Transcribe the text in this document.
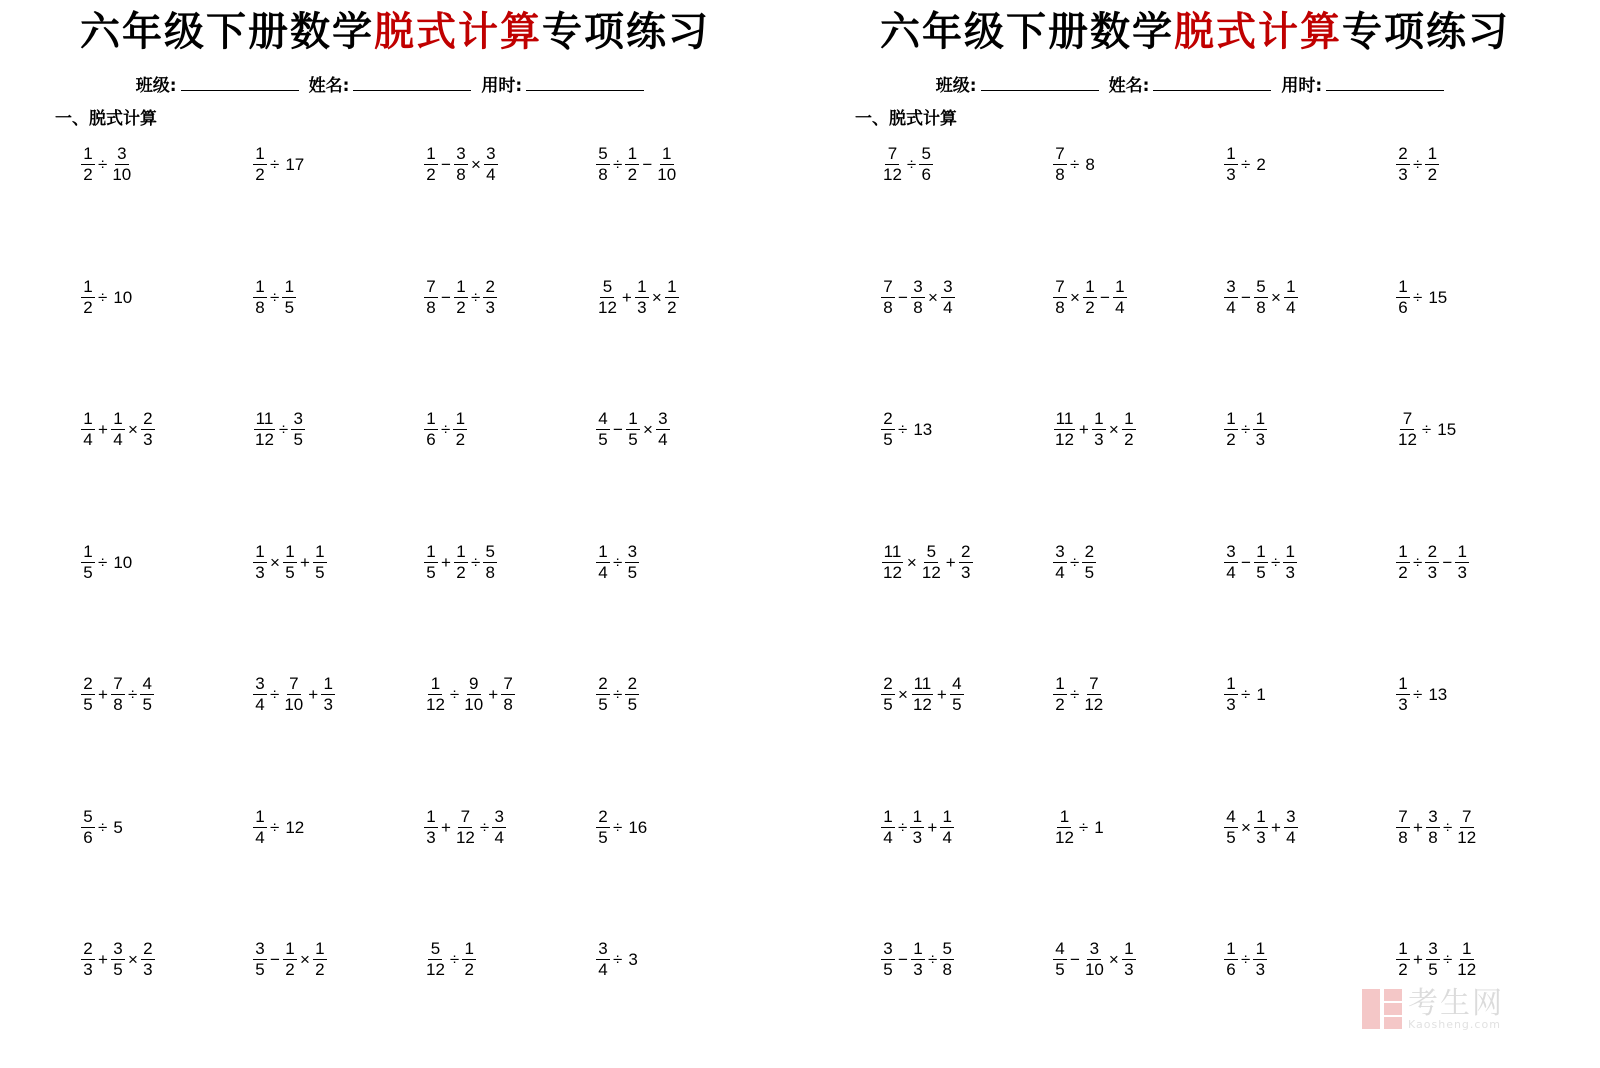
六年级下册数学脱式计算专项练习
班级:	姓名:	用时:
一、脱式计算
$\frac{1}{2} \div \frac{3}{10}$	$\frac{1}{2} \div 17$	$\frac{1}{2} - \frac{3}{8} \times \frac{3}{4}$	$\frac{5}{8} \div \frac{1}{2} - \frac{1}{10}$
$\frac{1}{2} \div 10$	$\frac{1}{8} \div \frac{1}{5}$	$\frac{7}{8} - \frac{1}{2} \div \frac{2}{3}$	$\frac{5}{12} + \frac{1}{3} \times \frac{1}{2}$
$\frac{1}{4} + \frac{1}{4} \times \frac{2}{3}$	$\frac{11}{12} \div \frac{3}{5}$	$\frac{1}{6} \div \frac{1}{2}$	$\frac{4}{5} - \frac{1}{5} \times \frac{3}{4}$
$\frac{1}{5} \div 10$	$\frac{1}{3} \times \frac{1}{5} + \frac{1}{5}$	$\frac{1}{5} + \frac{1}{2} \div \frac{5}{8}$	$\frac{1}{4} \div \frac{3}{5}$
$\frac{2}{5} + \frac{7}{8} \div \frac{4}{5}$	$\frac{3}{4} \div \frac{7}{10} + \frac{1}{3}$	$\frac{1}{12} \div \frac{9}{10} + \frac{7}{8}$	$\frac{2}{5} \div \frac{2}{5}$
$\frac{5}{6} \div 5$	$\frac{1}{4} \div 12$	$\frac{1}{3} + \frac{7}{12} \div \frac{3}{4}$	$\frac{2}{5} \div 16$
$\frac{2}{3} + \frac{3}{5} \times \frac{2}{3}$	$\frac{3}{5} - \frac{1}{2} \times \frac{1}{2}$	$\frac{5}{12} \div \frac{1}{2}$	$\frac{3}{4} \div 3$
六年级下册数学脱式计算专项练习
班级:	姓名:	用时:
一、脱式计算
$\frac{7}{12} \div \frac{5}{6}$	$\frac{7}{8} \div 8$	$\frac{1}{3} \div 2$	$\frac{2}{3} \div \frac{1}{2}$
$\frac{7}{8} - \frac{3}{8} \times \frac{3}{4}$	$\frac{7}{8} \times \frac{1}{2} - \frac{1}{4}$	$\frac{3}{4} - \frac{5}{8} \times \frac{1}{4}$	$\frac{1}{6} \div 15$
$\frac{2}{5} \div 13$	$\frac{11}{12} + \frac{1}{3} \times \frac{1}{2}$	$\frac{1}{2} \div \frac{1}{3}$	$\frac{7}{12} \div 15$
$\frac{11}{12} \times \frac{5}{12} + \frac{2}{3}$	$\frac{3}{4} \div \frac{2}{5}$	$\frac{3}{4} - \frac{1}{5} \div \frac{1}{3}$	$\frac{1}{2} \div \frac{2}{3} - \frac{1}{3}$
$\frac{2}{5} \times \frac{11}{12} + \frac{4}{5}$	$\frac{1}{2} \div \frac{7}{12}$	$\frac{1}{3} \div 1$	$\frac{1}{3} \div 13$
$\frac{1}{4} \div \frac{1}{3} + \frac{1}{4}$	$\frac{1}{12} \div 1$	$\frac{4}{5} \times \frac{1}{3} + \frac{3}{4}$	$\frac{7}{8} + \frac{3}{8} \div \frac{7}{12}$
$\frac{3}{5} - \frac{1}{3} \div \frac{5}{8}$	$\frac{4}{5} - \frac{3}{10} \times \frac{1}{3}$	$\frac{1}{6} \div \frac{1}{3}$	$\frac{1}{2} + \frac{3}{5} \div \frac{1}{12}$
考生网
Kaosheng.com
